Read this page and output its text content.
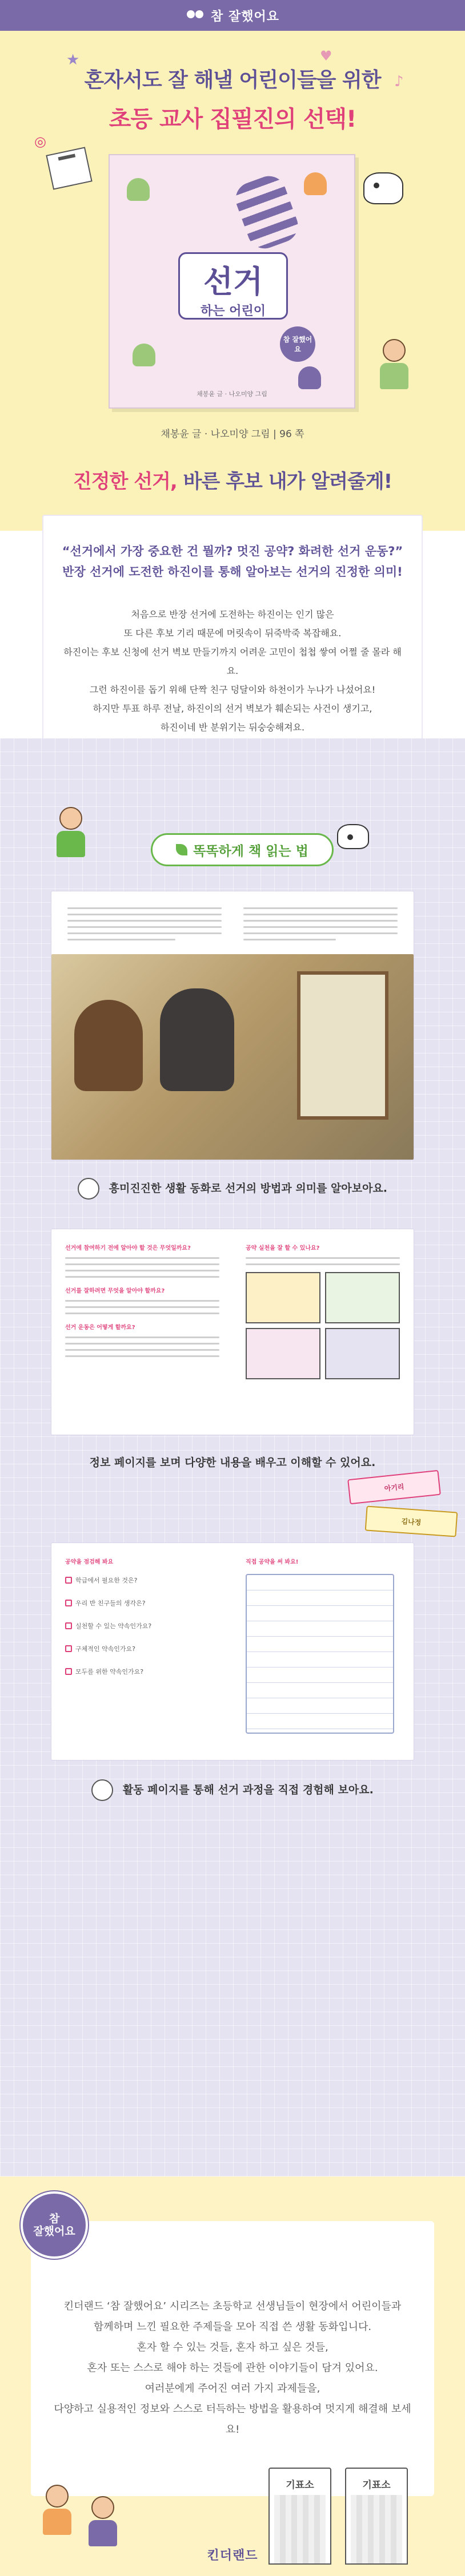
참 잘했어요
혼자서도 잘 해낼 어린이들을 위한
초등 교사 집필진의 선택!
★	♥
♪
◎
선거
하는 어린이
참 잘했어요
채봉윤 글 · 나오미양 그림
채봉윤 글 · 나오미양 그림 | 96 쪽
진정한 선거, 바른 후보 내가 알려줄게!
“선거에서 가장 중요한 건 뭘까? 멋진 공약? 화려한 선거 운동?”
반장 선거에 도전한 하진이를 통해 알아보는 선거의 진정한 의미!
처음으로 반장 선거에 도전하는 하진이는 인기 많은
또 다른 후보 기리 때문에 머릿속이 뒤죽박죽 복잡해요.
하진이는 후보 신청에 선거 벽보 만들기까지 어려운 고민이 첩첩 쌓여 어쩔 줄 몰라 해요.
그런 하진이를 돕기 위해 단짝 친구 덩달이와 하천이가 누나가 나섰어요!
하지만 투표 하루 전날, 하진이의 선거 벽보가 훼손되는 사건이 생기고,
하진이네 반 분위기는 뒤숭숭해져요.
똑똑하게 책 읽는 법
흥미진진한 생활 동화로 선거의 방법과 의미를 알아보아요.
선거에 참여하기 전에 알아야 할 것은 무엇일까요?
선거를 잘하려면 무엇을 알아야 할까요?
선거 운동은 어떻게 할까요?
공약 실천을 잘 할 수 있나요?
정보 페이지를 보며 다양한 내용을 배우고 이해할 수 있어요.
아기리
김나정
공약을 점검해 봐요
학급에서 필요한 것은?
우리 반 친구들의 생각은?
실천할 수 있는 약속인가요?
구체적인 약속인가요?
모두를 위한 약속인가요?
직접 공약을 써 봐요!
활동 페이지를 통해 선거 과정을 직접 경험해 보아요.
킨더랜드 ‘참 잘했어요’ 시리즈는 초등학교 선생님들이 현장에서 어린이들과
함께하며 느낀 필요한 주제들을 모아 직접 쓴 생활 동화입니다.
혼자 할 수 있는 것들, 혼자 하고 싶은 것들,
혼자 또는 스스로 해야 하는 것들에 관한 이야기들이 담겨 있어요.
여러분에게 주어진 여러 가지 과제들을,
다양하고 실용적인 정보와 스스로 터득하는 방법을 활용하여 멋지게 해결해 보세요!
참
잘했어요
기표소	기표소
킨더랜드
